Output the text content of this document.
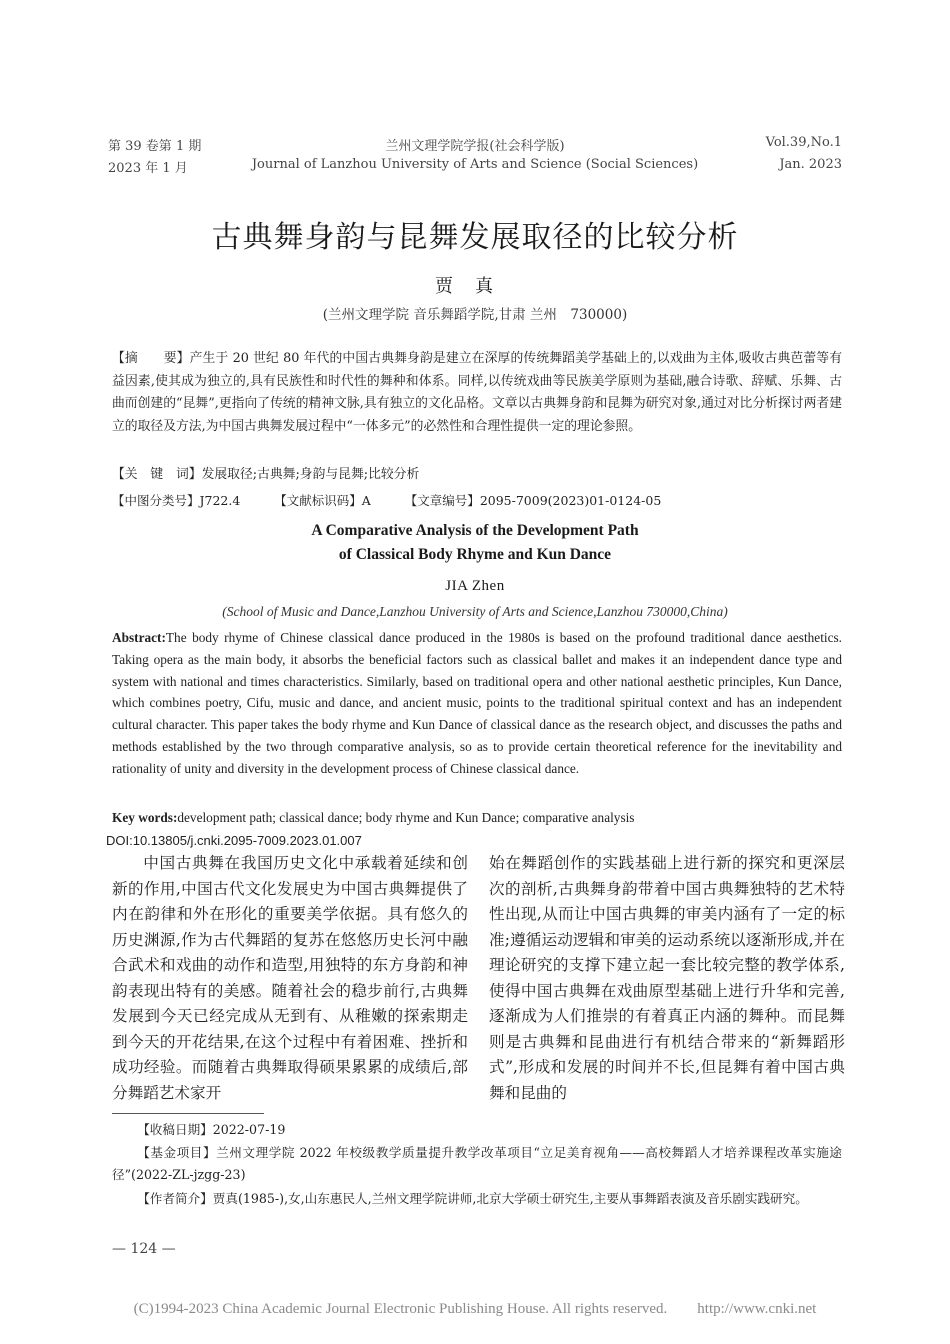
第 39 卷第 1 期	兰州文理学院学报(社会科学版)	Vol.39,No.1
2023 年 1 月	Journal of Lanzhou University of Arts and Science (Social Sciences)	Jan. 2023
古典舞身韵与昆舞发展取径的比较分析
贾真
(兰州文理学院 音乐舞蹈学院,甘肃 兰州　730000)
【摘　　要】产生于 20 世纪 80 年代的中国古典舞身韵是建立在深厚的传统舞蹈美学基础上的,以戏曲为主体,吸收古典芭蕾等有益因素,使其成为独立的,具有民族性和时代性的舞种和体系。同样,以传统戏曲等民族美学原则为基础,融合诗歌、辞赋、乐舞、古曲而创建的“昆舞”,更指向了传统的精神文脉,具有独立的文化品格。文章以古典舞身韵和昆舞为研究对象,通过对比分析探讨两者建立的取径及方法,为中国古典舞发展过程中“一体多元”的必然性和合理性提供一定的理论参照。
【关　键　词】发展取径;古典舞;身韵与昆舞;比较分析
【中图分类号】J722.4	【文献标识码】A	【文章编号】2095-7009(2023)01-0124-05
A Comparative Analysis of the Development Path
of Classical Body Rhyme and Kun Dance
JIA Zhen
(School of Music and Dance,Lanzhou University of Arts and Science,Lanzhou 730000,China)
Abstract:The body rhyme of Chinese classical dance produced in the 1980s is based on the profound traditional dance aesthetics. Taking opera as the main body, it absorbs the beneficial factors such as classical ballet and makes it an independent dance type and system with national and times characteristics. Similarly, based on traditional opera and other national aesthetic principles, Kun Dance, which combines poetry, Cifu, music and dance, and ancient music, points to the traditional spiritual context and has an independent cultural character. This paper takes the body rhyme and Kun Dance of classical dance as the research object, and discusses the paths and methods established by the two through comparative analysis, so as to provide certain theoretical reference for the inevitability and rationality of unity and diversity in the development process of Chinese classical dance.
Key words:development path; classical dance; body rhyme and Kun Dance; comparative analysis
DOI:10.13805/j.cnki.2095-7009.2023.01.007

中国古典舞在我国历史文化中承载着延续和创新的作用,中国古代文化发展史为中国古典舞提供了内在韵律和外在形化的重要美学依据。具有悠久的历史渊源,作为古代舞蹈的复苏在悠悠历史长河中融合武术和戏曲的动作和造型,用独特的东方身韵和神韵表现出特有的美感。随着社会的稳步前行,古典舞发展到今天已经完成从无到有、从稚嫩的探索期走到今天的开花结果,在这个过程中有着困难、挫折和成功经验。而随着古典舞取得硕果累累的成绩后,部分舞蹈艺术家开

始在舞蹈创作的实践基础上进行新的探究和更深层次的剖析,古典舞身韵带着中国古典舞独特的艺术特性出现,从而让中国古典舞的审美内涵有了一定的标准;遵循运动逻辑和审美的运动系统以逐渐形成,并在理论研究的支撑下建立起一套比较完整的教学体系,使得中国古典舞在戏曲原型基础上进行升华和完善,逐渐成为人们推崇的有着真正内涵的舞种。而昆舞则是古典舞和昆曲进行有机结合带来的“新舞蹈形式”,形成和发展的时间并不长,但昆舞有着中国古典舞和昆曲的

【收稿日期】2022-07-19
【基金项目】兰州文理学院 2022 年校级教学质量提升教学改革项目“立足美育视角——高校舞蹈人才培养课程改革实施途径”(2022-ZL-jzgg-23)
【作者简介】贾真(1985-),女,山东惠民人,兰州文理学院讲师,北京大学硕士研究生,主要从事舞蹈表演及音乐剧实践研究。
— 124 —
(C)1994-2023 China Academic Journal Electronic Publishing House. All rights reserved.　　http://www.cnki.net
